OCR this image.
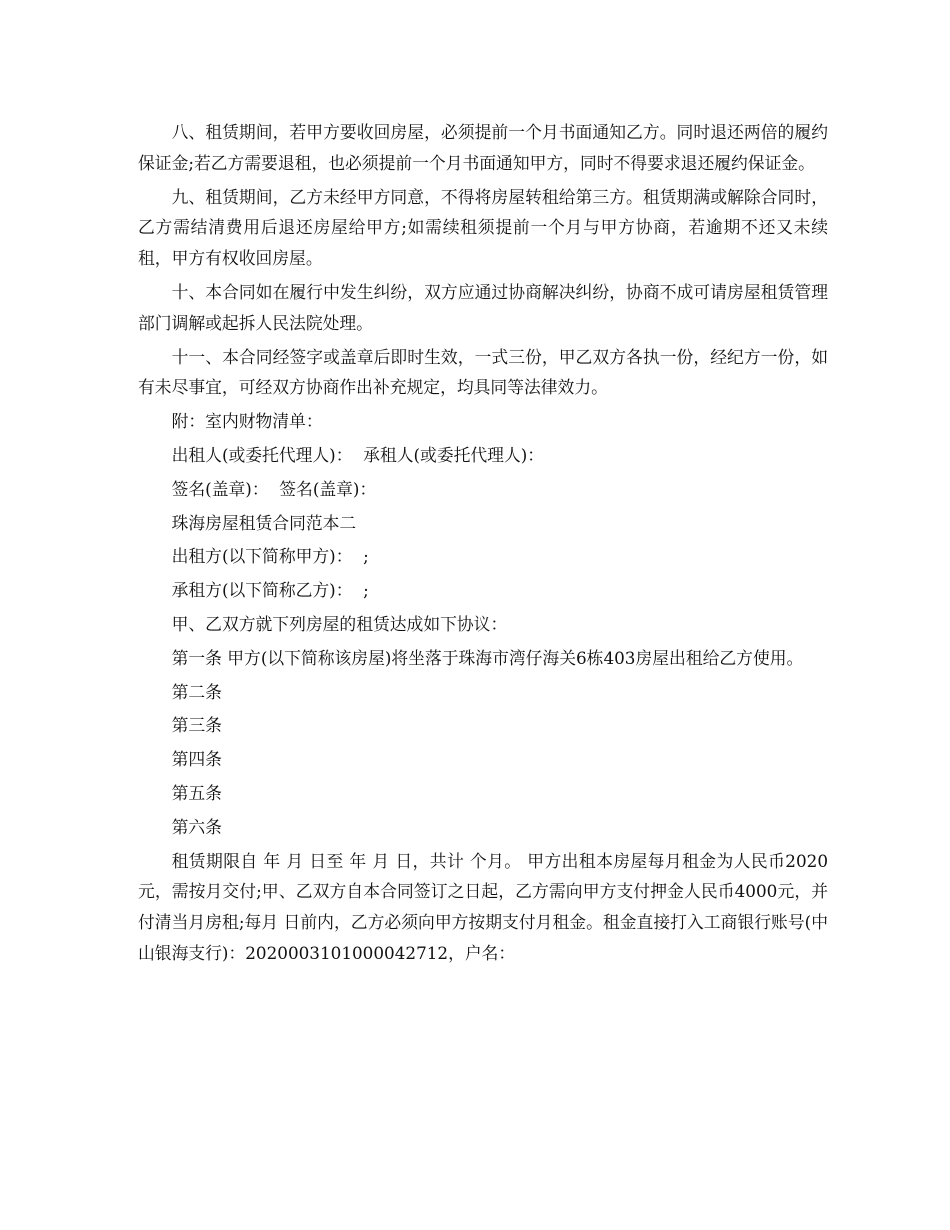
八、租赁期间，若甲方要收回房屋，必须提前一个月书面通知乙方。同时退还两倍的履约保证金;若乙方需要退租，也必须提前一个月书面通知甲方，同时不得要求退还履约保证金。

九、租赁期间，乙方未经甲方同意，不得将房屋转租给第三方。租赁期满或解除合同时，乙方需结清费用后退还房屋给甲方;如需续租须提前一个月与甲方协商，若逾期不还又未续租，甲方有权收回房屋。

十、本合同如在履行中发生纠纷，双方应通过协商解决纠纷，协商不成可请房屋租赁管理部门调解或起拆人民法院处理。

十一、本合同经签字或盖章后即时生效，一式三份，甲乙双方各执一份，经纪方一份，如有未尽事宜，可经双方协商作出补充规定，均具同等法律效力。

附：室内财物清单：

出租人(或委托代理人)：  承租人(或委托代理人)：

签名(盖章)：  签名(盖章)：

珠海房屋租赁合同范本二

出租方(以下简称甲方)：  ;

承租方(以下简称乙方)：  ;

甲、乙双方就下列房屋的租赁达成如下协议：

第一条 甲方(以下简称该房屋)将坐落于珠海市湾仔海关6栋403房屋出租给乙方使用。

第二条

第三条

第四条

第五条

第六条

租赁期限自 年 月 日至 年 月 日，共计 个月。 甲方出租本房屋每月租金为人民币2020元，需按月交付;甲、乙双方自本合同签订之日起，乙方需向甲方支付押金人民币4000元，并付清当月房租;每月 日前内，乙方必须向甲方按期支付月租金。租金直接打入工商银行账号(中山银海支行)：2020003101000042712，户名：
